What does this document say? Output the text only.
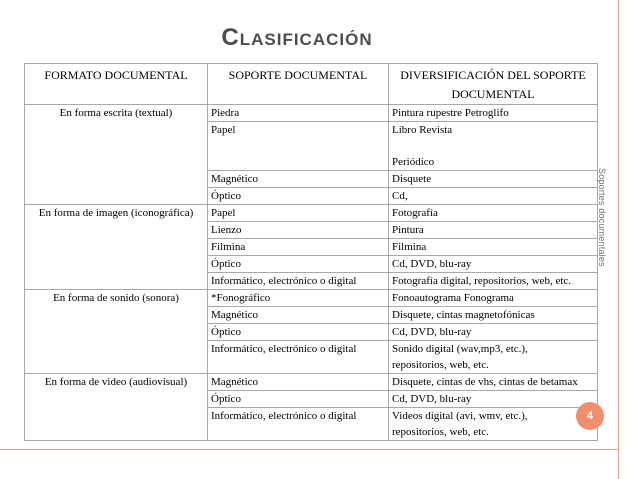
CLASIFICACIÓN
FORMATO DOCUMENTAL	SOPORTE DOCUMENTAL	DIVERSIFICACIÓN DEL SOPORTE DOCUMENTAL
En forma escrita (textual)	Piedra	Pintura rupestre Petroglifo
	Papel	Libro Revista
Periódico

	Magnético	Disquete
	Óptico	Cd,
En forma de imagen (iconográfica)	Papel	Fotografía
	Lienzo	Pintura
	Filmina	Filmina
	Óptico	Cd, DVD, blu-ray
	Informático, electrónico o digital	Fotografía digital, repositorios, web, etc.
En forma de sonido (sonora)	*Fonográfico	Fonoautograma Fonograma
	Magnético	Disquete, cintas magnetofónicas
	Óptico	Cd, DVD, blu-ray
	Informático, electrónico o digital	Sonido digital (wav,mp3, etc.),
repositorios, web, etc.

En forma de video (audiovisual)	Magnético	Disquete, cintas de vhs, cintas de betamax
	Óptico	Cd, DVD, blu-ray
	Informático, electrónico o digital	Videos digital (avi, wmv, etc.),
repositorios, web, etc.
Soportes documentales
4
